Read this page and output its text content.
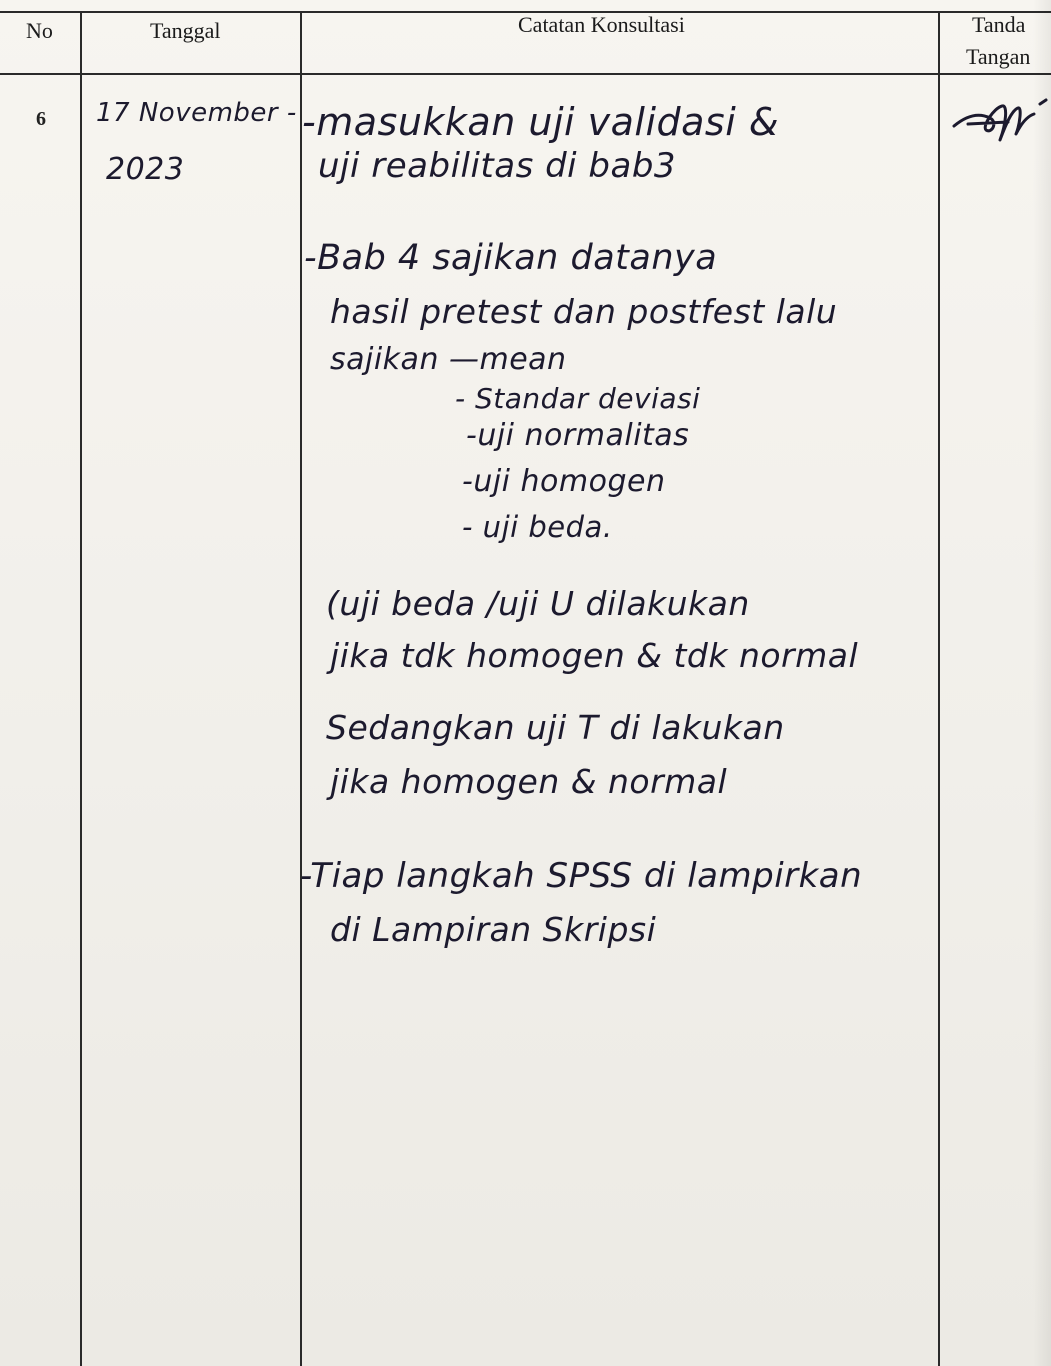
No	Tanggal	Catatan Konsultasi	Tanda
Tangan
6 17 November -
2023
-masukkan uji validasi &
uji reabilitas di bab3
-Bab 4 sajikan datanya
hasil pretest dan postfest lalu
sajikan —mean
- Standar deviasi
-uji normalitas
-uji homogen
- uji beda.
(uji beda /uji U dilakukan
jika tdk homogen & tdk normal
Sedangkan uji T di lakukan
jika homogen & normal
-Tiap langkah SPSS di lampirkan
di Lampiran Skripsi
